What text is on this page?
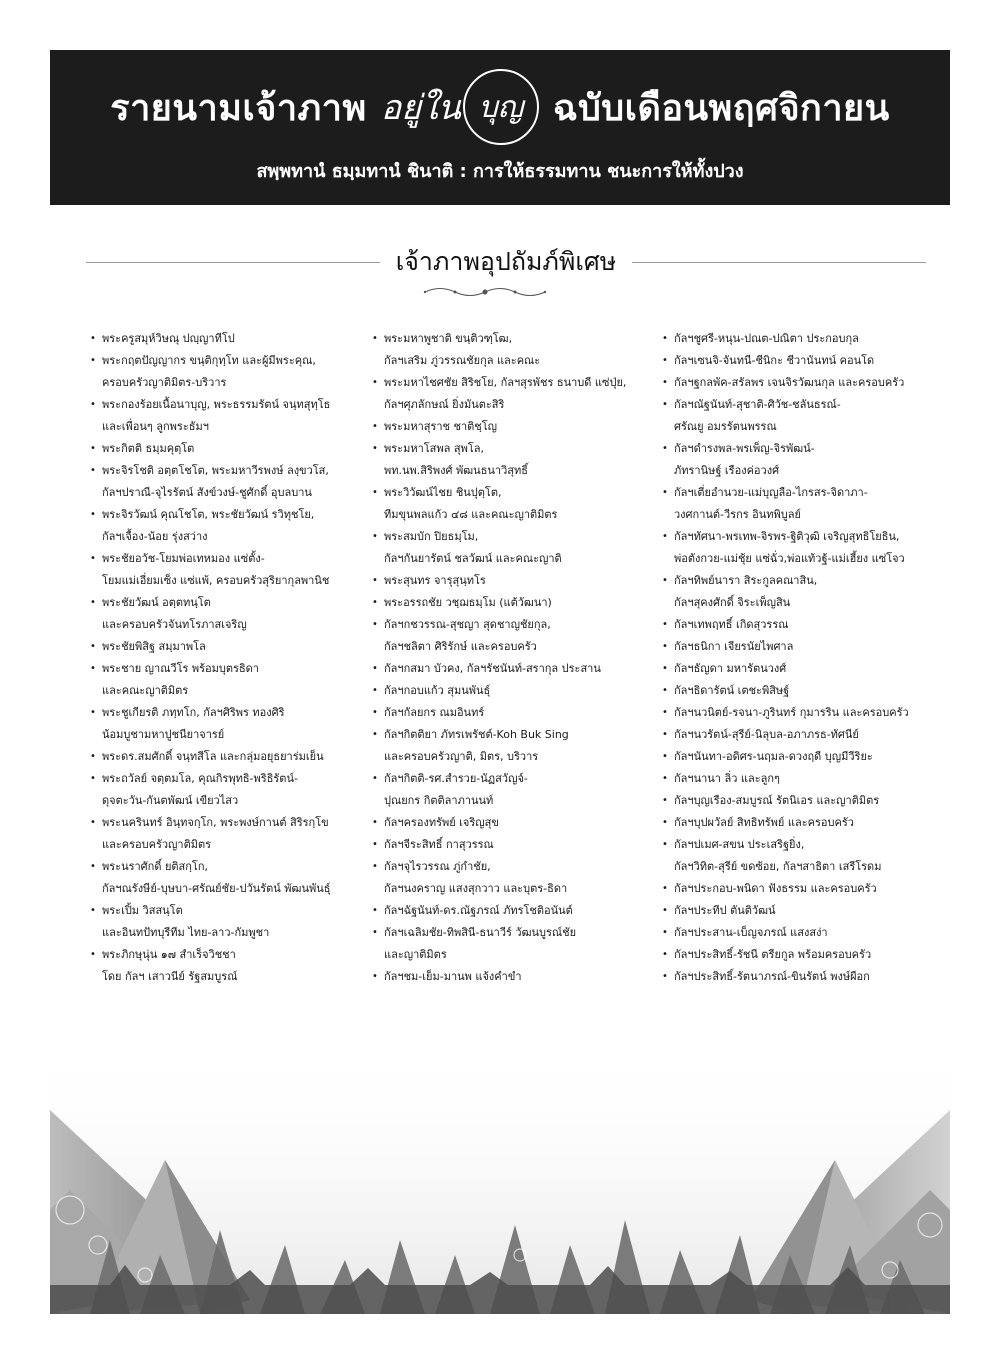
รายนามเจ้าภาพ อยู่ใน บุญ ฉบับเดือนพฤศจิกายน
สพฺพทานํ ธมฺมทานํ ชินาติ : การให้ธรรมทาน ชนะการให้ทั้งปวง
เจ้าภาพอุปถัมภ์พิเศษ
• พระครูสมุห์วิษณุ ปญฺญาทีโป
• พระกฤตปัญญากร ขนฺติกุทฺโท และผู้มีพระคุณ,
ครอบครัวญาติมิตร-บริวาร
• พระกองร้อยเนื้อนาบุญ, พระธรรมรัตน์ จนฺทสุทฺโธ
และเพื่อนๆ ลูกพระธัมฯ
• พระกิตติ ธมฺมคุตฺโต
• พระจิรโชติ อตฺตโชโต, พระมหาวีรพงษ์ ลงฺขวโส,
กัลฯปราณี-จุไรรัตน์ สังข์วงษ์-ชูศักดิ์ อุบลบาน
• พระจิรวัฒน์ คุณโชโต, พระชัยวัฒน์ รวิทุชโย,
กัลฯเจื้อง-น้อย รุ่งสว่าง
• พระชัยอวัช-โยมพ่อเทหมอง แซ่ตั้ง-
โยมแม่เอี่ยมเซ็ง แซ่แพ้, ครอบครัวสุริยากุลพานิช
• พระชัยวัฒน์ อตฺตทนฺโต
และครอบครัวจันทโรภาสเจริญ
• พระชัยพิสิฐ สมฺมาพโล
• พระชาย ญาณวีโร พร้อมบุตรธิดา
และคณะญาติมิตร
• พระชูเกียรติ ภทฺทโก, กัลฯศิริพร ทองศิริ
น้อมบูชามหาปูชนียาจารย์
• พระดร.สมศักดิ์ จนฺทสีโล และกลุ่มอยุธยาร่มเย็น
• พระถวัลย์ จตฺตมโล, คุณกิรพุทธิ-พริธิรัตน์-
ดุจตะวัน-กันตพัฒน์ เขียวไสว
• พระนครินทร์ อินฺทจกฺโก, พระพงษ์กานต์ สิริรกฺโข
และครอบครัวญาติมิตร
• พระนราศักดิ์ ยติสกฺโก,
กัลฯณรังษีย์-บุษบา-ศรัณย์ชัย-ปวันรัตน์ พัฒนพันธุ์
• พระเปิ้ม วิสสนฺโต
และอินทปัทบุรีทีม ไทย-ลาว-กัมพูชา
• พระภิกษุนุ่น ๑๗ สำเร็จวิชชา
โดย กัลฯ เสาวนีย์ รัฐสมบูรณ์
• พระมหาพูชาติ ขนฺติวฑฺโฒ,
กัลฯเสริม ภู่วรรณชัยกุล และคณะ
• พระมหาไชศชัย สิริชโย, กัลฯสุรพัชร ธนาบดี แซ่ปุ่ย,
กัลฯศุภลักษณ์ ยิ่งมันตะสิริ
• พระมหาสุราช ชาติชฺโญ
• พระมหาโสพล สุพโล,
พท.นพ.สิริพงศ์ พัฒนธนาวิสุทธิ์
• พระวิวัฒน์ไชย ชินปุตฺโต,
ทีมขุนพลแก้ว ๔๘ และคณะญาติมิตร
• พระสมบัก ปิยธมฺโม,
กัลฯกันยารัตน์ ชลวัฒน์ และคณะญาติ
• พระสุนทร จารุสุนฺทโร
• พระอรรถชัย วชฺฌธมฺโม (แต้วัฒนา)
• กัลฯกชวรรณ-สุชญา สุดชาญชัยกุล,
กัลฯชลิตา ศิริรักษ์ และครอบครัว
• กัลฯกสมา บัวคง, กัลฯรัชนันท์-สรากุล ประสาน
• กัลฯกอบแก้ว สุมนพันธุ์
• กัลฯกัลยกร ณมอินทร์
• กัลฯกิตติยา ภัทรเพรัชต์-Koh Buk Sing
และครอบครัวญาติ, มิตร, บริวาร
• กัลฯกิตติ-รศ.สำรวย-นัฏสวัญจ์-
ปุณยกร กิตติลาภานนท์
• กัลฯครองทรัพย์ เจริญสุข
• กัลฯจีระสิทธิ์ กาสุวรรณ
• กัลฯจุไรวรรณ ภู่กำชัย,
กัลฯนงคราญ แสงสุกวาว และบุตร-ธิดา
• กัลฯฉัฐนันท์-ดร.ณัฐภรณ์ ภัทรโชติอนันต์
• กัลฯเฉลิมชัย-ทิพสินี-ธนาวีร์ วัฒนบูรณ์ชัย
และญาติมิตร
• กัลฯชม-เย็ม-มานพ แจ้งคำขำ
• กัลฯชูศรี-หนุน-ปณต-ปณิตา ประกอบกุล
• กัลฯเซนจิ-จันทนี-ชีนิกะ ชีวานันทน์ คอนโด
• กัลฯฐกลพัค-สรัลพร เจนจิรวัฒนกุล และครอบครัว
• กัลฯณัฐนันท์-สุชาติ-ศิวัช-ชลันธรณ์-
ศรัณยู อมรรัตนพรรณ
• กัลฯดำรงพล-พรเพ็ญ-จิรพัฒน์-
ภัทรานิษฐ์ เรืองค่อวงศ์
• กัลฯเตี่ยอำนวย-แม่บุญลือ-ไกรสร-จิดาภา-
วงศกานต์-วีรกร อินทพิบูลย์
• กัลฯทัศนา-พรเทพ-จิรพร-ฐิติวุฒิ เจริญสุทธิโยธิน,
พ่อตังกวย-แม่ชุ้ย แซ่ฉั่ว,พ่อแท้วฐ้-แม่เฮี้ยง แซ่โจว
• กัลฯทิพย์นารา สิระกูลคณาสิน,
กัลฯสุคงศักดิ์ จิระเพ็ญสิน
• กัลฯเทพฤทธิ์ เกิดสุวรรณ
• กัลฯธนิกา เจียรนัยไพศาล
• กัลฯธัญดา มหารัตนวงศ์
• กัลฯธิดารัตน์ เตชะพิสิษฐ์
• กัลฯนวนิตย์-รจนา-ภูรินทร์ กุมารริน และครอบครัว
• กัลฯนวรัตน์-สุรีย์-นิลุบล-อภาภรธ-ทัศนีย์
• กัลฯนันทา-อดิศร-นฤมล-ดวงฤดี บุญมีวีริยะ
• กัลฯนานา ลิ่ว และลูกๆ
• กัลฯบุญเรือง-สมบูรณ์ รัตนิเอร และญาติมิตร
• กัลฯบุปผวัลย์ สิทธิทรัพย์ และครอบครัว
• กัลฯปเมศ-สขน ประเสริฐยิ่ง,
กัลฯวิทิต-สุรีย์ ขดซ้อย, กัลฯสาธิตา เสรีโรดม
• กัลฯประกอบ-พนิดา ฟังธรรม และครอบครัว
• กัลฯประทีป ตันติวัฒน์
• กัลฯประสาน-เบ็ญจภรณ์ แสงสง่า
• กัลฯประสิทธิ์-รัชนี ตรียกูล พร้อมครอบครัว
• กัลฯประสิทธิ์-รัตนาภรณ์-ขินรัตน์ พงษ์ผือก
